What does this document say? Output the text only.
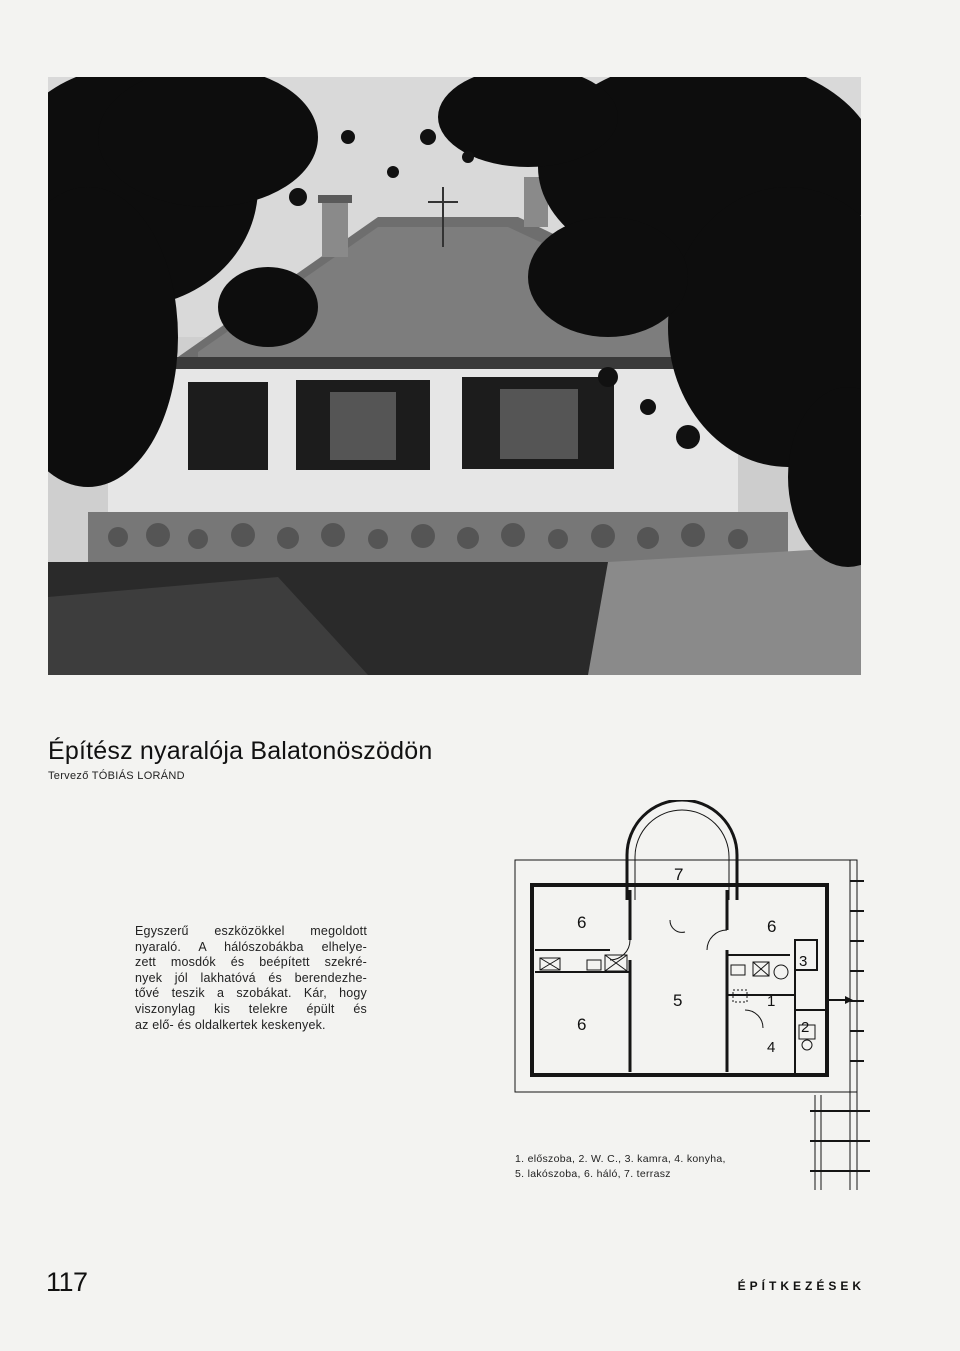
Építész nyaralója Balatonöszödön
Tervező TÓBIÁS LORÁND
Egyszerű eszközökkel megoldott
nyaraló. A hálószobákba elhelye-
zett mosdók és beépített szekré-
nyek jól lakhatóvá és berendezhe-
tővé teszik a szobákat. Kár, hogy
viszonylag kis telekre épült és
az elő- és oldalkertek keskenyek.
7
6
6
6
5
3
1
2
4
1. előszoba, 2. W. C., 3. kamra, 4. konyha,
5. lakószoba, 6. háló, 7. terrasz
117	ÉPÍTKEZÉSEK
